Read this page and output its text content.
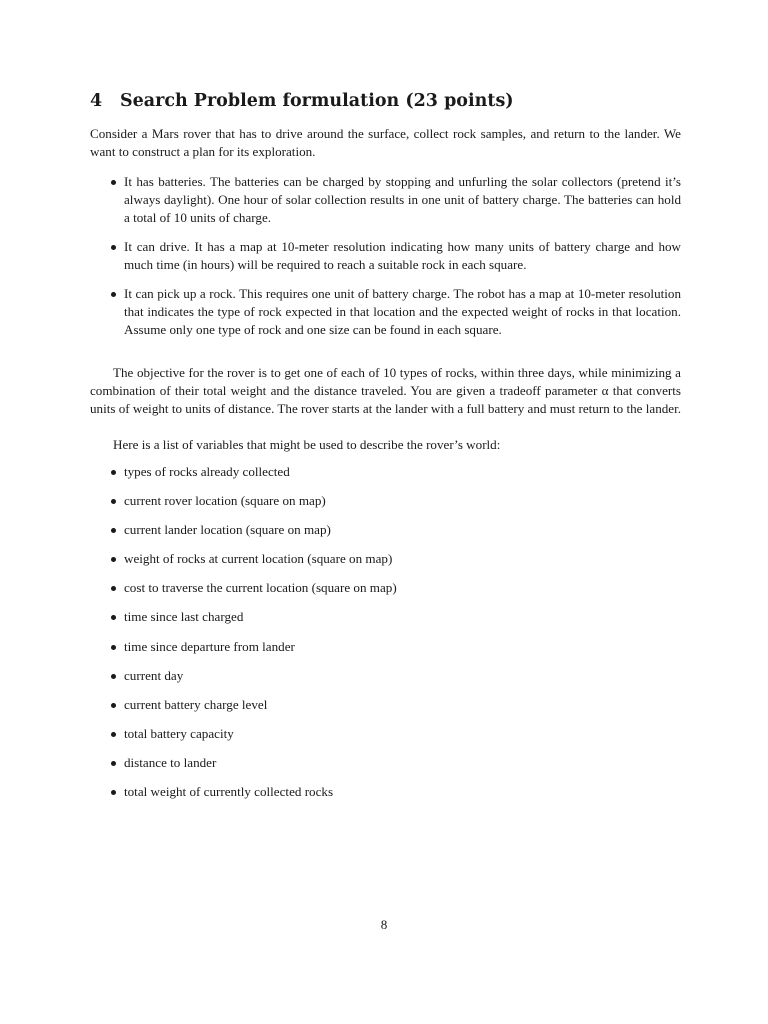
4 Search Problem formulation (23 points)

Consider a Mars rover that has to drive around the surface, collect rock samples, and return to the lander. We want to construct a plan for its exploration.

It has batteries. The batteries can be charged by stopping and unfurling the solar collectors (pretend it’s always daylight). One hour of solar collection results in one unit of battery charge. The batteries can hold a total of 10 units of charge.
It can drive. It has a map at 10-meter resolution indicating how many units of battery charge and how much time (in hours) will be required to reach a suitable rock in each square.
It can pick up a rock. This requires one unit of battery charge. The robot has a map at 10-meter resolution that indicates the type of rock expected in that location and the expected weight of rocks in that location. Assume only one type of rock and one size can be found in each square.

The objective for the rover is to get one of each of 10 types of rocks, within three days, while minimizing a combination of their total weight and the distance traveled. You are given a tradeoff parameter α that converts units of weight to units of distance. The rover starts at the lander with a full battery and must return to the lander.

Here is a list of variables that might be used to describe the rover’s world:

types of rocks already collected
current rover location (square on map)
current lander location (square on map)
weight of rocks at current location (square on map)
cost to traverse the current location (square on map)
time since last charged
time since departure from lander
current day
current battery charge level
total battery capacity
distance to lander
total weight of currently collected rocks
8
